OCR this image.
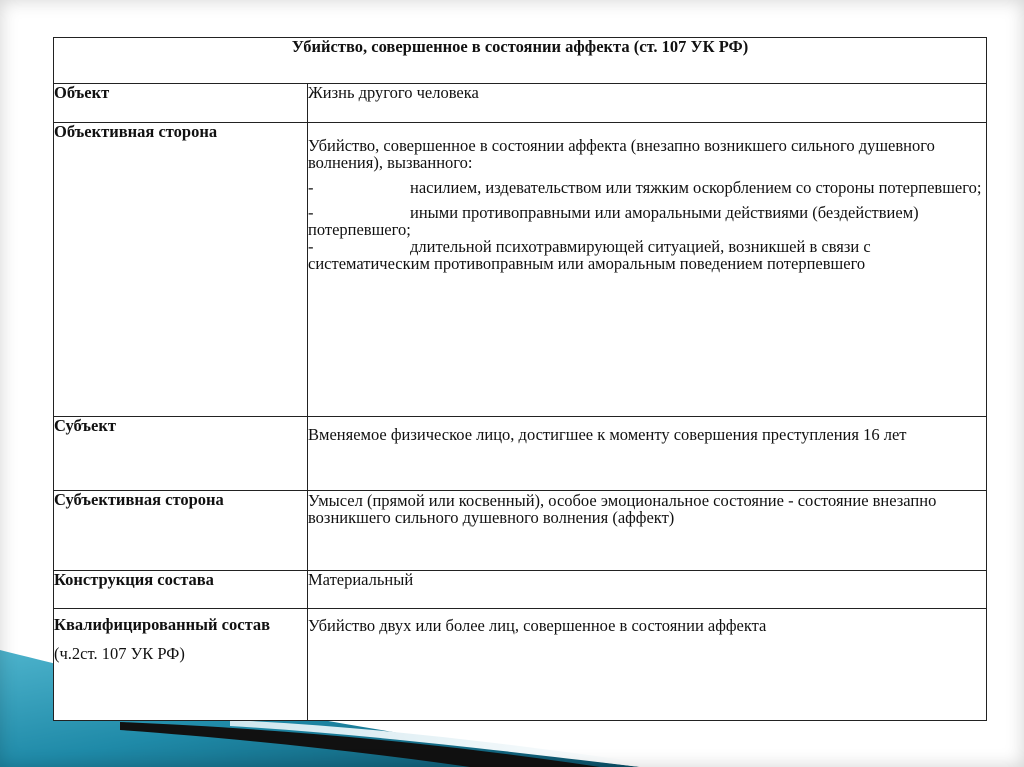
Убийство, совершенное в состоянии аффекта (ст. 107 УК РФ)	
Объект	Жизнь другого человека
Объективная сторона	Убийство, совершенное в состоянии аффекта (внезапно возникшего сильного душевного волнения), вызванного:
- насилием, издевательством или тяжким оскорблением со стороны потерпевшего;
- иными противоправными или аморальными действиями (бездействием) потерпевшего;
- длительной психотравмирующей ситуацией, возникшей в связи с систематическим противоправным или аморальным поведением потерпевшего

Субъект	Вменяемое физическое лицо, достигшее к моменту совершения преступления 16 лет
Субъективная сторона	Умысел (прямой или косвенный), особое эмоциональное состояние - состояние внезапно возникшего сильного душевного волнения (аффект)
Конструкция состава	Материальный
Квалифицированный состав
(ч.2ст. 107 УК РФ)	Убийство двух или более лиц, совершенное в состоянии аффекта
